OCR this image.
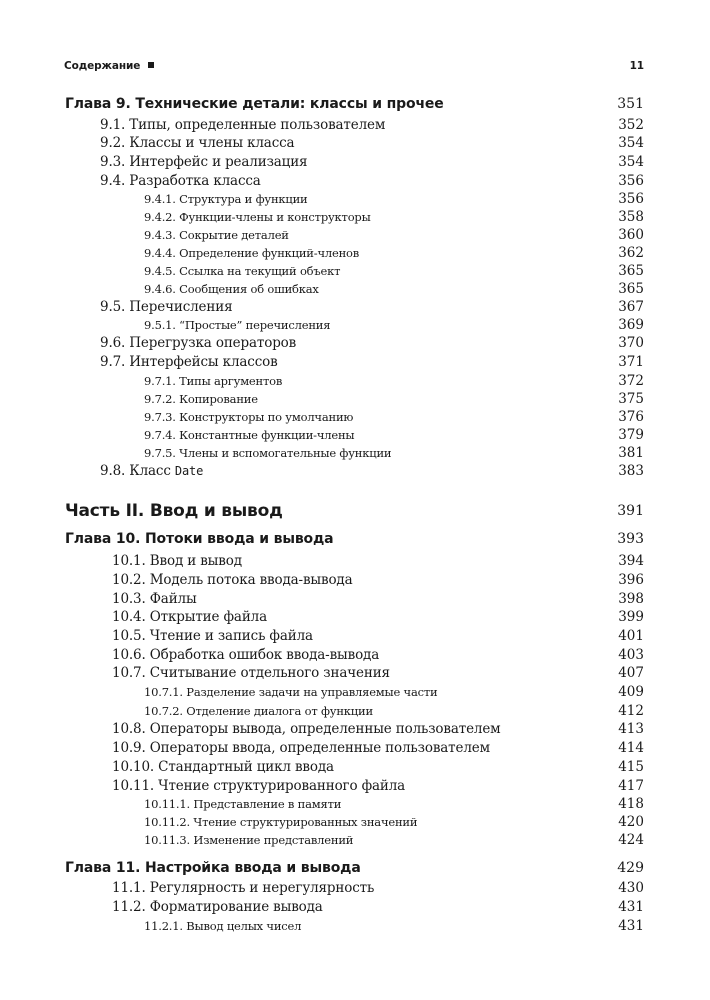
Содержание	11
Глава 9. Технические детали: классы и прочее	351
9.1. Типы, определенные пользователем	352
9.2. Классы и члены класса	354
9.3. Интерфейс и реализация	354
9.4. Разработка класса	356
9.4.1. Структура и функции	356
9.4.2. Функции-члены и конструкторы	358
9.4.3. Сокрытие деталей	360
9.4.4. Определение функций-членов	362
9.4.5. Ссылка на текущий объект	365
9.4.6. Сообщения об ошибках	365
9.5. Перечисления	367
9.5.1. “Простые” перечисления	369
9.6. Перегрузка операторов	370
9.7. Интерфейсы классов	371
9.7.1. Типы аргументов	372
9.7.2. Копирование	375
9.7.3. Конструкторы по умолчанию	376
9.7.4. Константные функции-члены	379
9.7.5. Члены и вспомогательные функции	381
9.8. Класс Date	383
Часть II. Ввод и вывод	391
Глава 10. Потоки ввода и вывода	393
10.1. Ввод и вывод	394
10.2. Модель потока ввода-вывода	396
10.3. Файлы	398
10.4. Открытие файла	399
10.5. Чтение и запись файла	401
10.6. Обработка ошибок ввода-вывода	403
10.7. Считывание отдельного значения	407
10.7.1. Разделение задачи на управляемые части	409
10.7.2. Отделение диалога от функции	412
10.8. Операторы вывода, определенные пользователем	413
10.9. Операторы ввода, определенные пользователем	414
10.10. Стандартный цикл ввода	415
10.11. Чтение структурированного файла	417
10.11.1. Представление в памяти	418
10.11.2. Чтение структурированных значений	420
10.11.3. Изменение представлений	424
Глава 11. Настройка ввода и вывода	429
11.1. Регулярность и нерегулярность	430
11.2. Форматирование вывода	431
11.2.1. Вывод целых чисел	431
